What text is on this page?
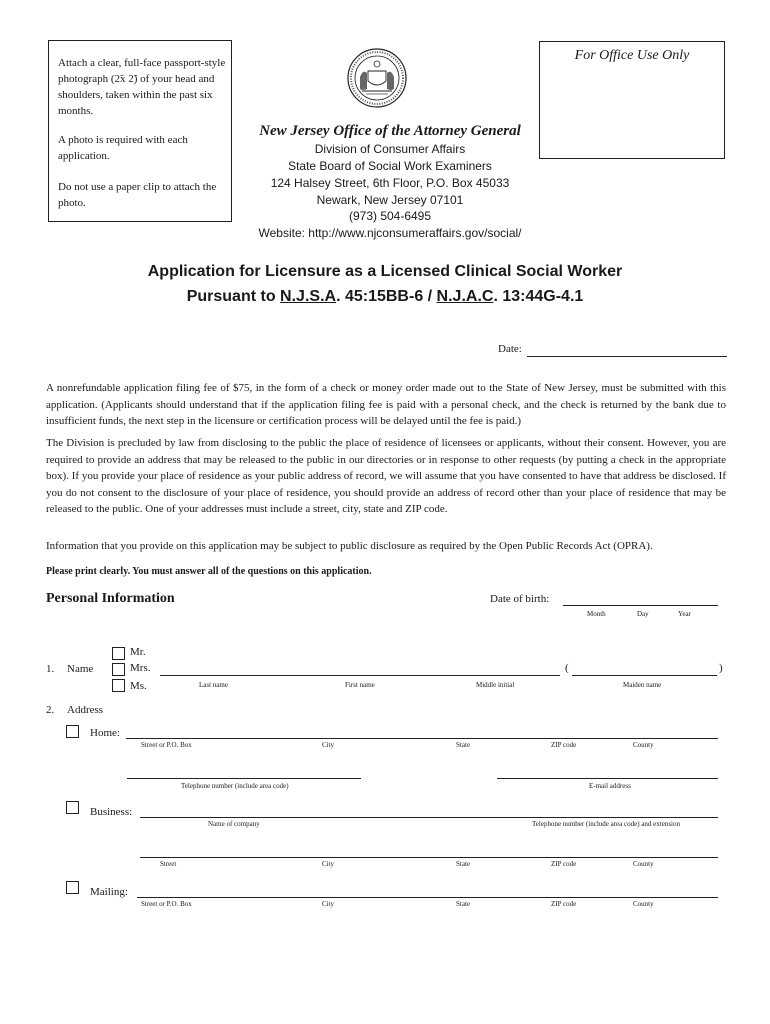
Attach a clear, full-face passport-style photograph (2̃x 2̃) of your head and shoulders, taken within the past six months.

A photo is required with each application.

Do not use a paper clip to attach the photo.

For Office Use Only
New Jersey Office of the Attorney General
Division of Consumer Affairs
State Board of Social Work Examiners
124 Halsey Street, 6th Floor, P.O. Box 45033
Newark, New Jersey 07101
(973) 504-6495
Website: http://www.njconsumeraffairs.gov/social/
Application for Licensure as a Licensed Clinical Social Worker
Pursuant to N.J.S.A. 45:15BB-6 / N.J.A.C. 13:44G-4.1
Date:
A nonrefundable application filing fee of $75, in the form of a check or money order made out to the State of New Jersey, must be submitted with this application. (Applicants should understand that if the application filing fee is paid with a personal check, and the check is returned by the bank due to insufficient funds, the next step in the licensure or certification process will be delayed until the fee is paid.)
The Division is precluded by law from disclosing to the public the place of residence of licensees or applicants, without their consent. However, you are required to provide an address that may be released to the public in our directories or in response to other requests (by putting a check in the appropriate box). If you provide your place of residence as your public address of record, we will assume that you have consented to have that address be disclosed. If you do not consent to the disclosure of your place of residence, you should provide an address of record other than your place of residence that may be released to the public. One of your addresses must include a street, city, state and ZIP code.
Information that you provide on this application may be subject to public disclosure as required by the Open Public Records Act (OPRA).
Please print clearly. You must answer all of the questions on this application.
Personal Information	Date of birth:
Month	Day	Year
Mr.
Mrs.
Ms.
1. Name	(	)
Last name	First name	Middle initial	Maiden name
2. Address
Home:
Street or P.O. Box	City	State	ZIP code	County
Telephone number (include area code)	E-mail address
Business:
Name of company	Telephone number (include area code) and extension
Street	City	State	ZIP code	County
Mailing:
Street or P.O. Box	City	State	ZIP code	County
